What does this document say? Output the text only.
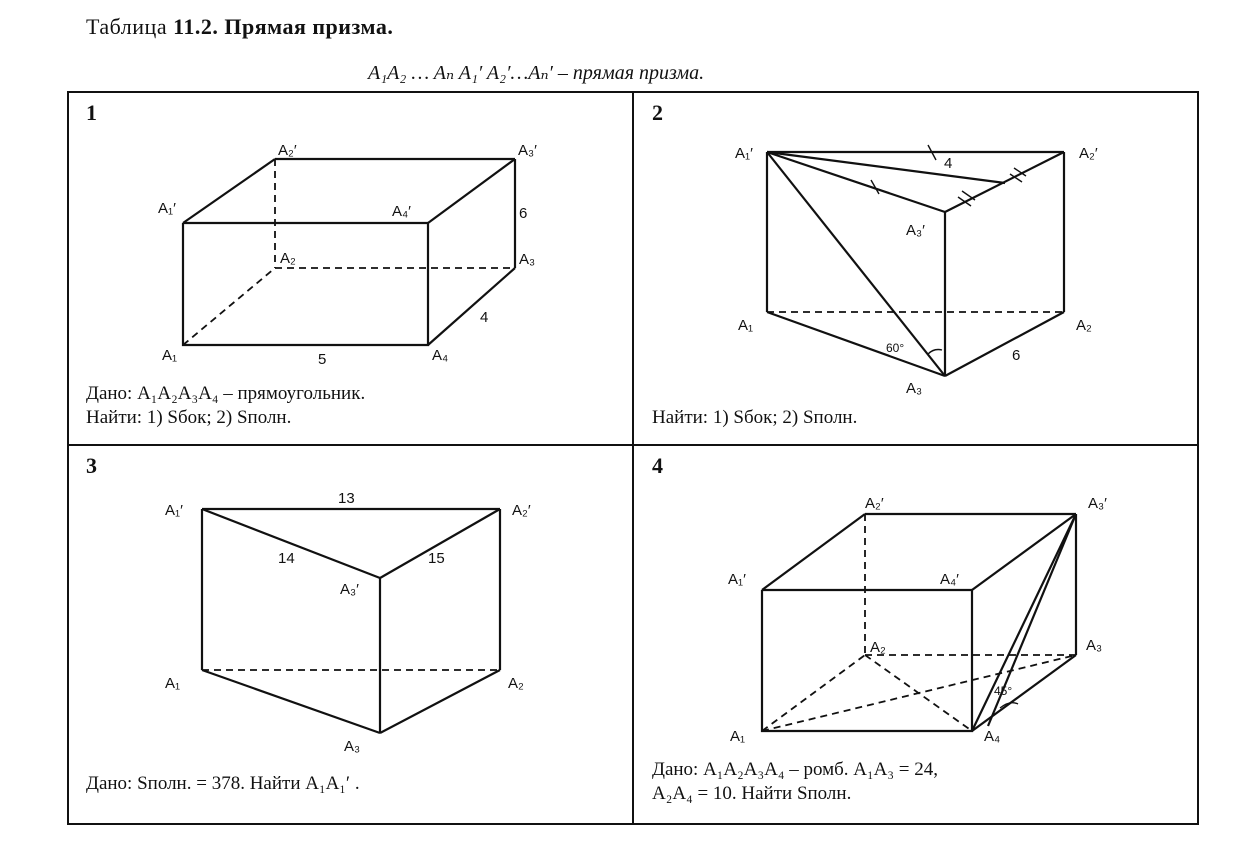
Таблица 11.2. Прямая призма.
A₁A₂ … Aₙ A₁′ A₂′…Aₙ′ – прямая призма.
1	2
3	4
A₂′	A₃′
A₁′	A₄′
A₂	A₃
A₁	A₄
6
4
5
A₁′	A₂′
A₃′
A₁	A₂
A₃
4
6
60°
A₁′	A₂′
A₃′
A₁	A₂
A₃
13
14	15
A₁′
A₂′	A₃′
A₄′
A₂	A₃
A₁	A₄
45°
Дано: A₁A₂A₃A₄ – прямоугольник.
Найти: 1) Sбок; 2) Sполн.	Найти: 1) Sбок; 2) Sполн.
Дано: Sполн. = 378. Найти A₁A₁′ .
Дано: A₁A₂A₃A₄ – ромб. A₁A₃ = 24,
A₂A₄ = 10. Найти Sполн.
